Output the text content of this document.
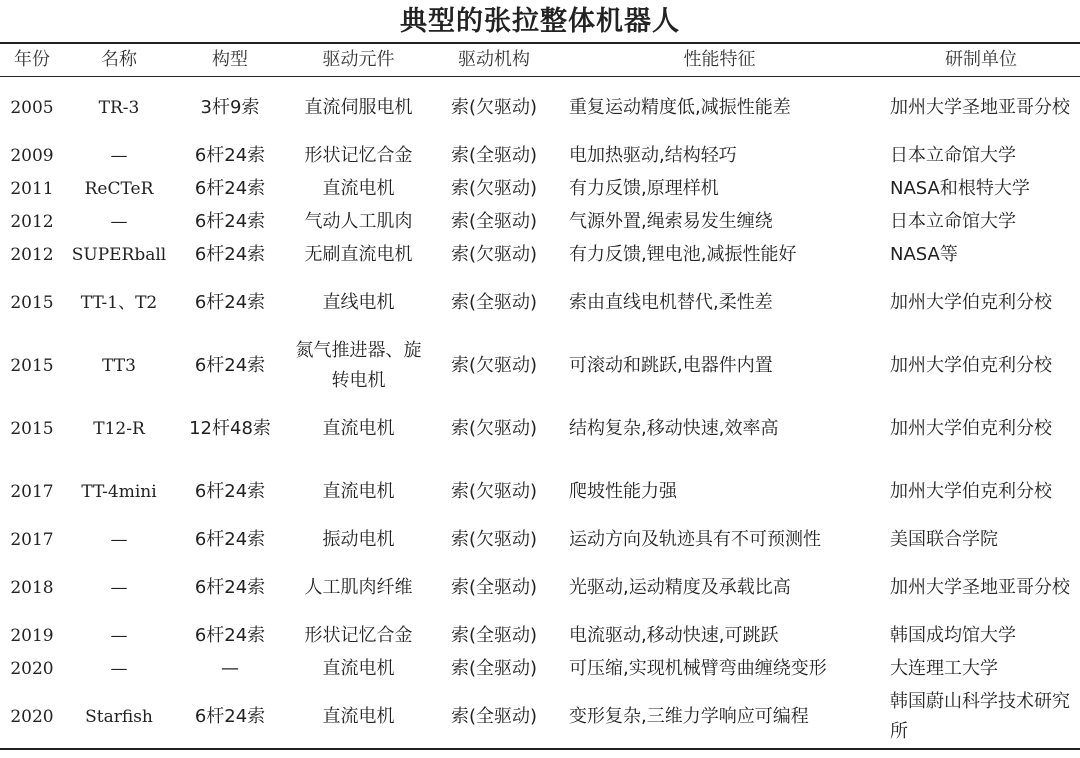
典型的张拉整体机器人
年份	名称	构型	驱动元件	驱动机构	性能特征	研制单位
2005	TR-3	3杆9索	直流伺服电机	索(欠驱动)	重复运动精度低,减振性能差	加州大学圣地亚哥分校
2009	—	6杆24索	形状记忆合金	索(全驱动)	电加热驱动,结构轻巧	日本立命馆大学
2011	ReCTeR	6杆24索	直流电机	索(欠驱动)	有力反馈,原理样机	NASA和根特大学
2012	—	6杆24索	气动人工肌肉	索(全驱动)	气源外置,绳索易发生缠绕	日本立命馆大学
2012	SUPERball	6杆24索	无刷直流电机	索(欠驱动)	有力反馈,锂电池,减振性能好	NASA等
2015	TT-1、T2	6杆24索	直线电机	索(全驱动)	索由直线电机替代,柔性差	加州大学伯克利分校
2015	TT3	6杆24索	氮气推进器、旋转电机	索(欠驱动)	可滚动和跳跃,电器件内置	加州大学伯克利分校
2015	T12-R	12杆48索	直流电机	索(欠驱动)	结构复杂,移动快速,效率高	加州大学伯克利分校
2017	TT-4mini	6杆24索	直流电机	索(欠驱动)	爬坡性能力强	加州大学伯克利分校
2017	—	6杆24索	振动电机	索(欠驱动)	运动方向及轨迹具有不可预测性	美国联合学院
2018	—	6杆24索	人工肌肉纤维	索(全驱动)	光驱动,运动精度及承载比高	加州大学圣地亚哥分校
2019	—	6杆24索	形状记忆合金	索(全驱动)	电流驱动,移动快速,可跳跃	韩国成均馆大学
2020	—	—	直流电机	索(全驱动)	可压缩,实现机械臂弯曲缠绕变形	大连理工大学
2020	Starfish	6杆24索	直流电机	索(全驱动)	变形复杂,三维力学响应可编程	韩国蔚山科学技术研究所
